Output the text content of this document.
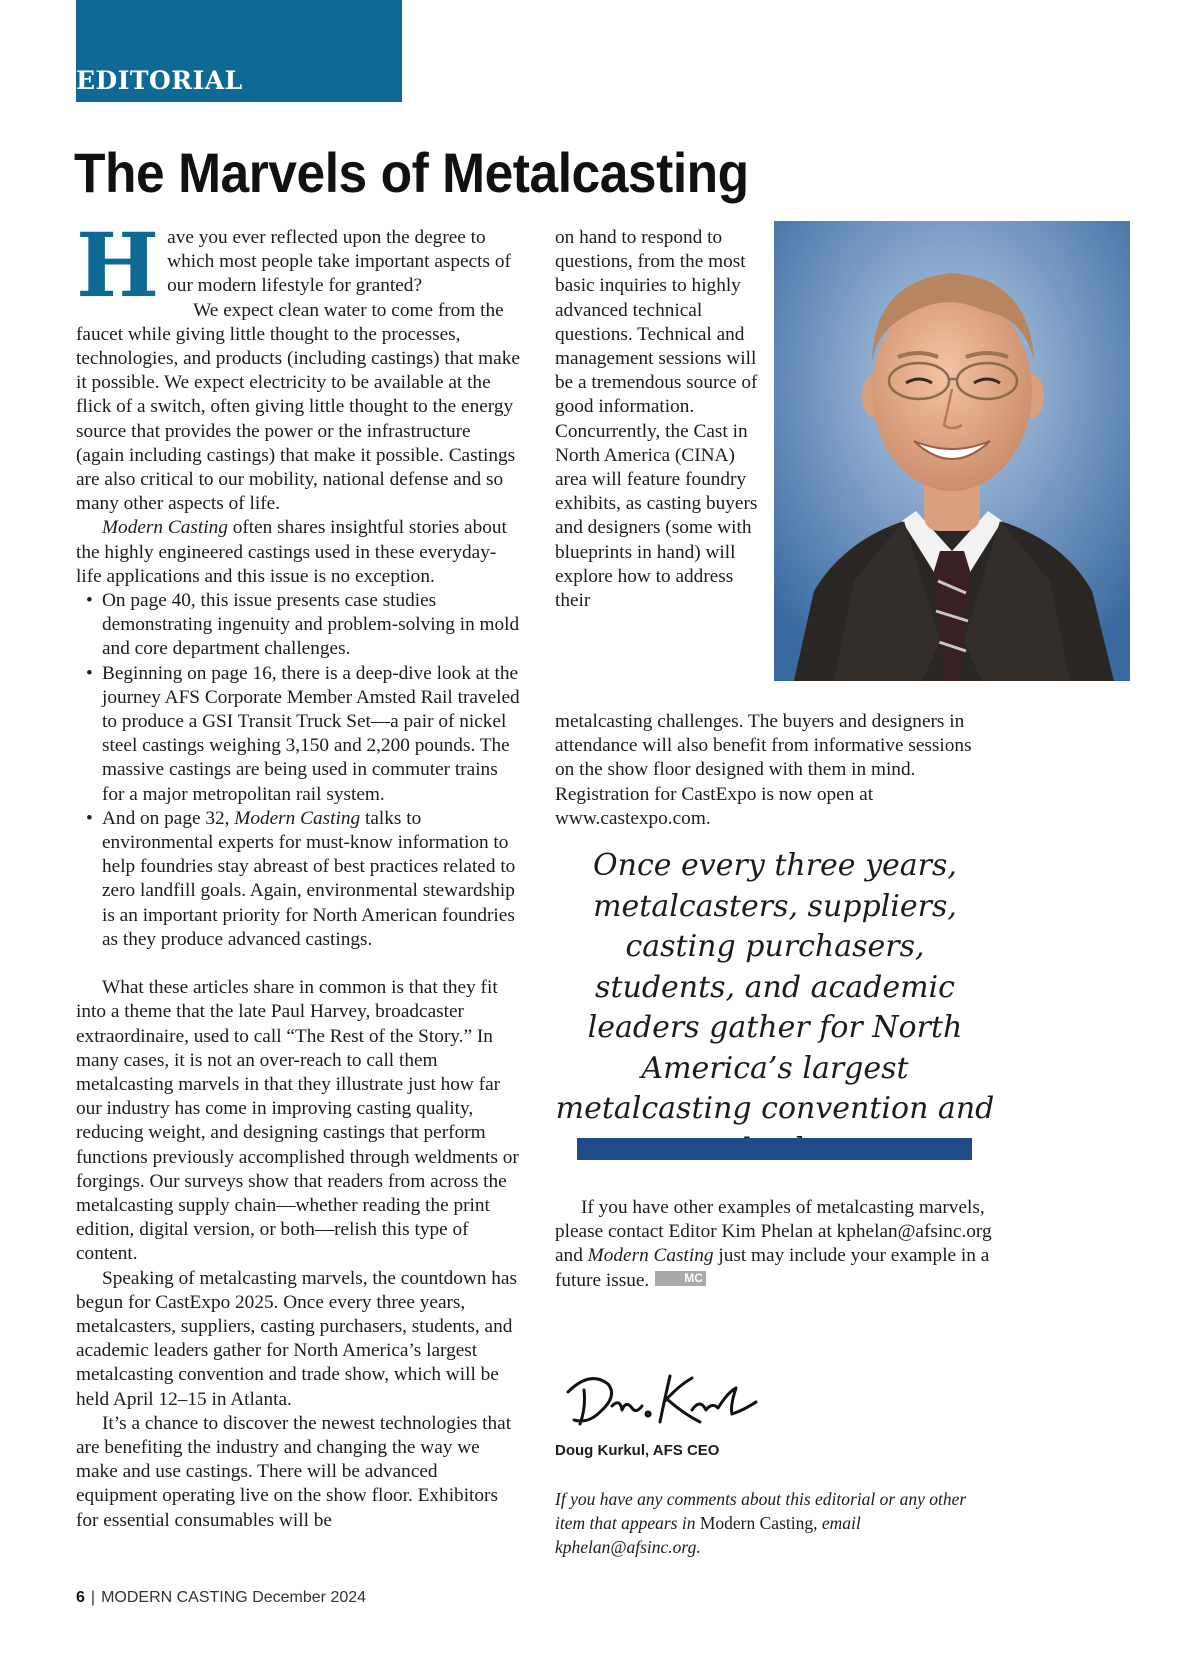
EDITORIAL
The Marvels of Metalcasting

Have you ever reflected upon the degree to which most people take important aspects of our modern lifestyle for granted?

We expect clean water to come from the faucet while giving little thought to the processes, technologies, and products (including castings) that make it possible. We expect electricity to be available at the flick of a switch, often giving little thought to the energy source that provides the power or the infrastructure (again including castings) that make it possible. Castings are also critical to our mobility, national defense and so many other aspects of life.

Modern Casting often shares insightful stories about the highly engineered castings used in these everyday-life applications and this issue is no exception.

• On page 40, this issue presents case studies demonstrating ingenuity and problem-solving in mold and core department challenges.
• Beginning on page 16, there is a deep-dive look at the journey AFS Corporate Member Amsted Rail traveled to produce a GSI Transit Truck Set—a pair of nickel steel castings weighing 3,150 and 2,200 pounds. The massive castings are being used in commuter trains for a major metropolitan rail system.
• And on page 32, Modern Casting talks to environmental experts for must-know information to help foundries stay abreast of best practices related to zero landfill goals. Again, environmental stewardship is an important priority for North American foundries as they produce advanced castings.

What these articles share in common is that they fit into a theme that the late Paul Harvey, broadcaster extraordinaire, used to call “The Rest of the Story.” In many cases, it is not an over-reach to call them metalcasting marvels in that they illustrate just how far our industry has come in improving casting quality, reducing weight, and designing castings that perform functions previously accomplished through weldments or forgings. Our surveys show that readers from across the metalcasting supply chain—whether reading the print edition, digital version, or both—relish this type of content.

Speaking of metalcasting marvels, the countdown has begun for CastExpo 2025. Once every three years, metalcasters, suppliers, casting purchasers, students, and academic leaders gather for North America’s largest metalcasting convention and trade show, which will be held April 12–15 in Atlanta.

It’s a chance to discover the newest technologies that are benefiting the industry and changing the way we make and use castings. There will be advanced equipment operating live on the show floor. Exhibitors for essential consumables will be

on hand to respond to questions, from the most basic inquiries to highly advanced technical questions. Technical and management sessions will be a tremendous source of good information. Concurrently, the Cast in North America (CINA) area will feature foundry exhibits, as casting buyers and designers (some with blueprints in hand) will explore how to address their
metalcasting challenges. The buyers and designers in attendance will also benefit from informative sessions on the show floor designed with them in mind. Registration for CastExpo is now open at www.castexpo.com.
Once every three years, metalcasters, suppliers, casting purchasers, students, and academic leaders gather for North America’s largest metalcasting convention and

If you have other examples of metalcasting marvels, please contact Editor Kim Phelan at kphelan@afsinc.org and Modern Casting just may include your example in a future issue.	MC

Doug Kurkul, AFS CEO
If you have any comments about this editorial or any other item that appears in Modern Casting, email kphelan@afsinc.org.
6 | MODERN CASTING December 2024
